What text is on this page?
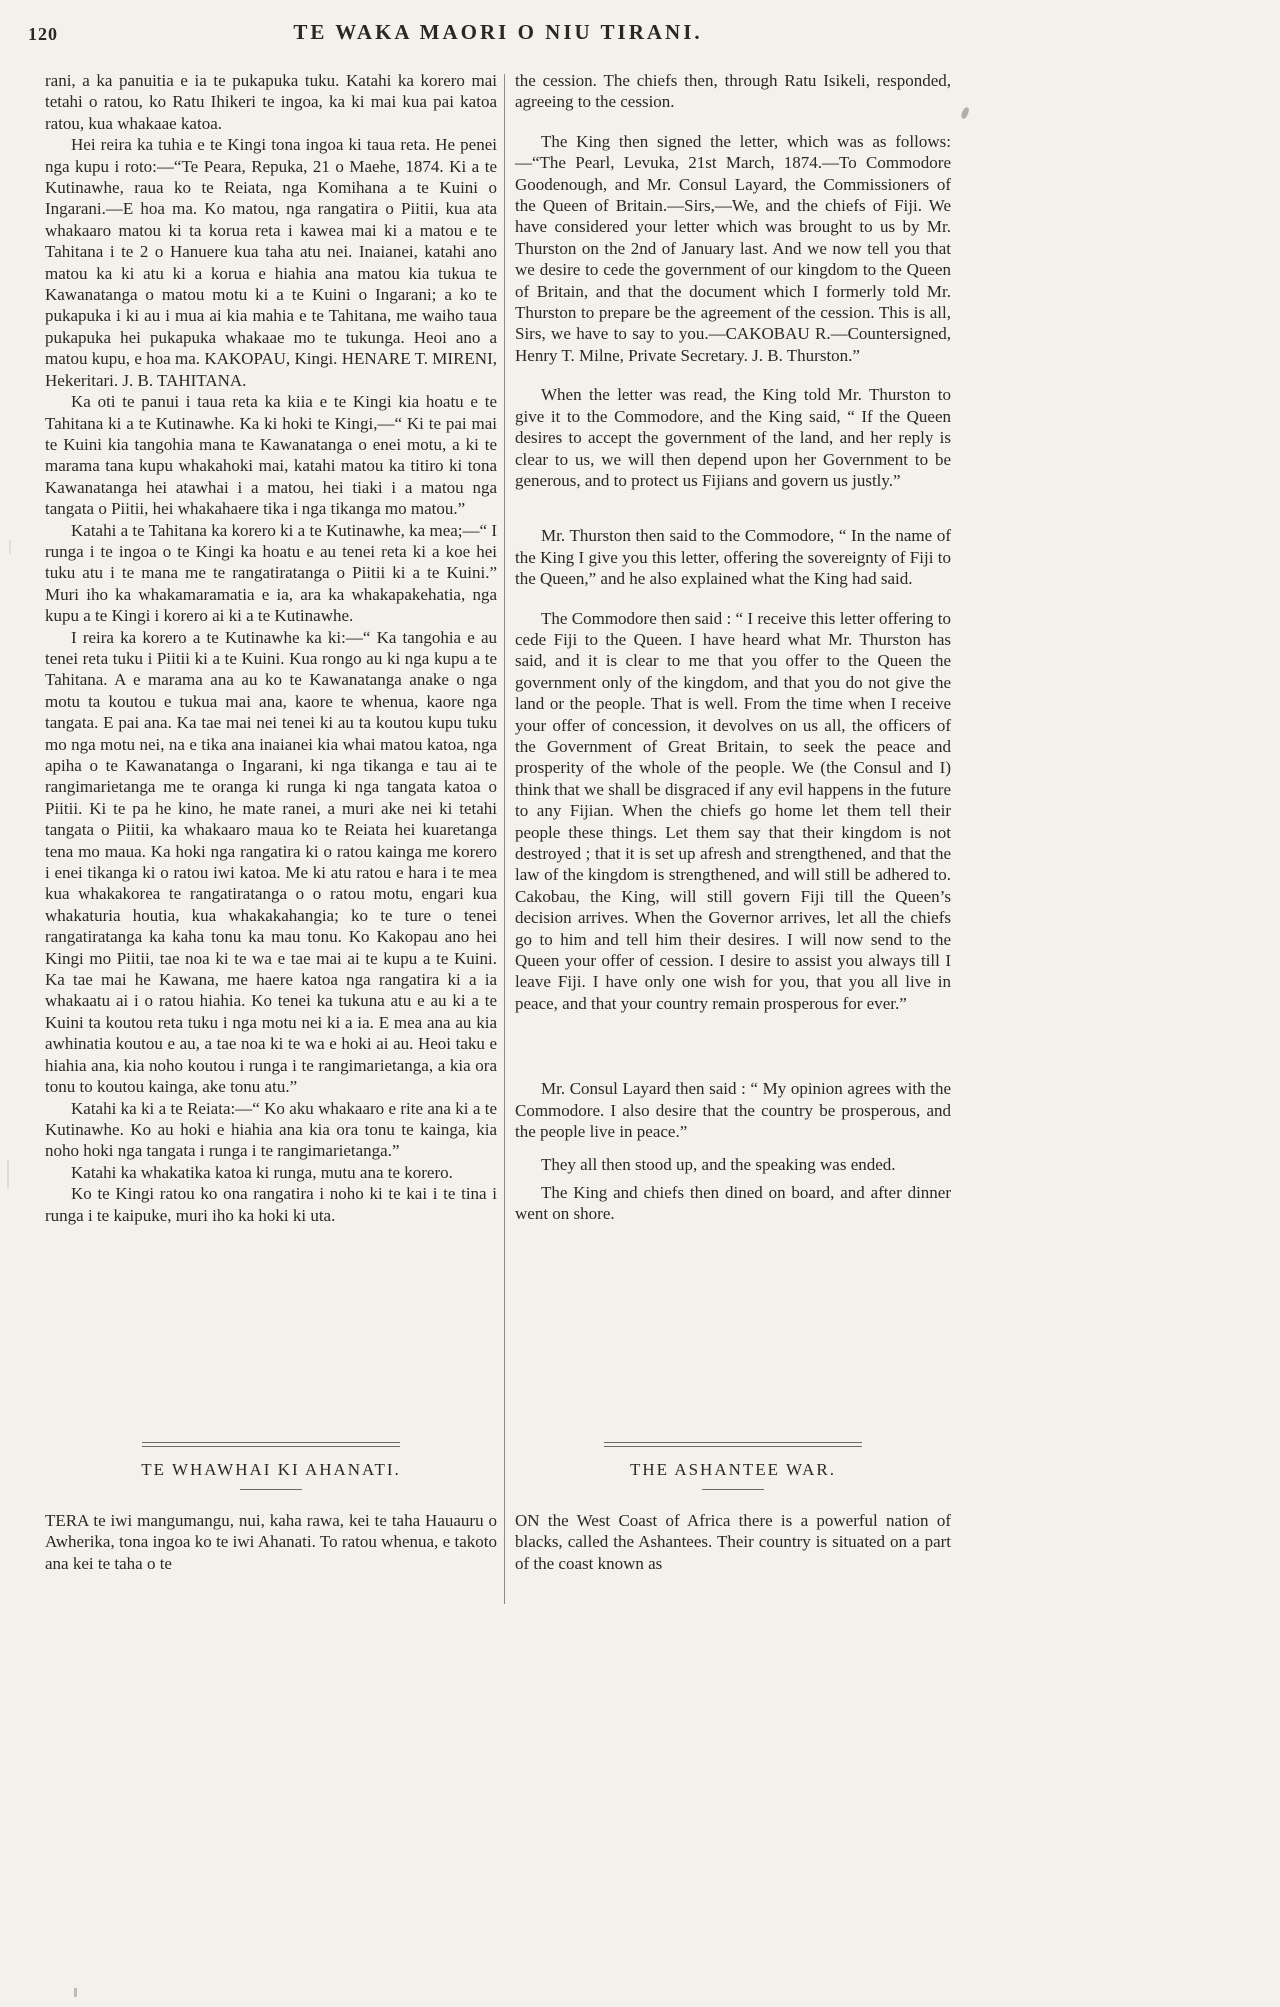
120	TE WAKA MAORI O NIU TIRANI.

rani, a ka panuitia e ia te pukapuka tuku. Katahi ka korero mai tetahi o ratou, ko Ratu Ihikeri te ingoa, ka ki mai kua pai katoa ratou, kua whakaae katoa.

Hei reira ka tuhia e te Kingi tona ingoa ki taua reta. He penei nga kupu i roto:—“Te Peara, Repuka, 21 o Maehe, 1874. Ki a te Kutinawhe, raua ko te Reiata, nga Komihana a te Kuini o Ingarani.—E hoa ma. Ko matou, nga rangatira o Piitii, kua ata whakaaro matou ki ta korua reta i kawea mai ki a matou e te Tahitana i te 2 o Hanuere kua taha atu nei. Inaianei, katahi ano matou ka ki atu ki a korua e hiahia ana matou kia tukua te Kawanatanga o matou motu ki a te Kuini o Ingarani; a ko te pukapuka i ki au i mua ai kia mahia e te Tahitana, me waiho taua pukapuka hei pukapuka whakaae mo te tukunga. Heoi ano a matou kupu, e hoa ma. KAKOPAU, Kingi. HENARE T. MIRENI, Hekeritari. J. B. TAHITANA.

Ka oti te panui i taua reta ka kiia e te Kingi kia hoatu e te Tahitana ki a te Kutinawhe. Ka ki hoki te Kingi,—“ Ki te pai mai te Kuini kia tangohia mana te Kawanatanga o enei motu, a ki te marama tana kupu whakahoki mai, katahi matou ka titiro ki tona Kawanatanga hei atawhai i a matou, hei tiaki i a matou nga tangata o Piitii, hei whakahaere tika i nga tikanga mo matou.”

Katahi a te Tahitana ka korero ki a te Kutinawhe, ka mea;—“ I runga i te ingoa o te Kingi ka hoatu e au tenei reta ki a koe hei tuku atu i te mana me te rangatiratanga o Piitii ki a te Kuini.” Muri iho ka whakamaramatia e ia, ara ka whakapakehatia, nga kupu a te Kingi i korero ai ki a te Kutinawhe.

I reira ka korero a te Kutinawhe ka ki:—“ Ka tangohia e au tenei reta tuku i Piitii ki a te Kuini. Kua rongo au ki nga kupu a te Tahitana. A e marama ana au ko te Kawanatanga anake o nga motu ta koutou e tukua mai ana, kaore te whenua, kaore nga tangata. E pai ana. Ka tae mai nei tenei ki au ta koutou kupu tuku mo nga motu nei, na e tika ana inaianei kia whai matou katoa, nga apiha o te Kawanatanga o Ingarani, ki nga tikanga e tau ai te rangimarietanga me te oranga ki runga ki nga tangata katoa o Piitii. Ki te pa he kino, he mate ranei, a muri ake nei ki tetahi tangata o Piitii, ka whakaaro maua ko te Reiata hei kuaretanga tena mo maua. Ka hoki nga rangatira ki o ratou kainga me korero i enei tikanga ki o ratou iwi katoa. Me ki atu ratou e hara i te mea kua whakakorea te rangatiratanga o o ratou motu, engari kua whakaturia houtia, kua whakakahangia; ko te ture o tenei rangatiratanga ka kaha tonu ka mau tonu. Ko Kakopau ano hei Kingi mo Piitii, tae noa ki te wa e tae mai ai te kupu a te Kuini. Ka tae mai he Kawana, me haere katoa nga rangatira ki a ia whakaatu ai i o ratou hiahia. Ko tenei ka tukuna atu e au ki a te Kuini ta koutou reta tuku i nga motu nei ki a ia. E mea ana au kia awhinatia koutou e au, a tae noa ki te wa e hoki ai au. Heoi taku e hiahia ana, kia noho koutou i runga i te rangimarietanga, a kia ora tonu to koutou kainga, ake tonu atu.”

Katahi ka ki a te Reiata:—“ Ko aku whakaaro e rite ana ki a te Kutinawhe. Ko au hoki e hiahia ana kia ora tonu te kainga, kia noho hoki nga tangata i runga i te rangimarietanga.”

Katahi ka whakatika katoa ki runga, mutu ana te korero.

Ko te Kingi ratou ko ona rangatira i noho ki te kai i te tina i runga i te kaipuke, muri iho ka hoki ki uta.

the cession. The chiefs then, through Ratu Isikeli, responded, agreeing to the cession.

The King then signed the letter, which was as follows:—“The Pearl, Levuka, 21st March, 1874.—To Commodore Goodenough, and Mr. Consul Layard, the Commissioners of the Queen of Britain.—Sirs,—We, and the chiefs of Fiji. We have considered your letter which was brought to us by Mr. Thurston on the 2nd of January last. And we now tell you that we desire to cede the government of our kingdom to the Queen of Britain, and that the document which I formerly told Mr. Thurston to prepare be the agreement of the cession. This is all, Sirs, we have to say to you.—CAKOBAU R.—Countersigned, Henry T. Milne, Private Secretary. J. B. Thurston.”

When the letter was read, the King told Mr. Thurston to give it to the Commodore, and the King said, “ If the Queen desires to accept the government of the land, and her reply is clear to us, we will then depend upon her Government to be generous, and to protect us Fijians and govern us justly.”

Mr. Thurston then said to the Commodore, “ In the name of the King I give you this letter, offering the sovereignty of Fiji to the Queen,” and he also explained what the King had said.

The Commodore then said : “ I receive this letter offering to cede Fiji to the Queen. I have heard what Mr. Thurston has said, and it is clear to me that you offer to the Queen the government only of the kingdom, and that you do not give the land or the people. That is well. From the time when I receive your offer of concession, it devolves on us all, the officers of the Government of Great Britain, to seek the peace and prosperity of the whole of the people. We (the Consul and I) think that we shall be disgraced if any evil happens in the future to any Fijian. When the chiefs go home let them tell their people these things. Let them say that their kingdom is not destroyed ; that it is set up afresh and strengthened, and that the law of the kingdom is strengthened, and will still be adhered to. Cakobau, the King, will still govern Fiji till the Queen’s decision arrives. When the Governor arrives, let all the chiefs go to him and tell him their desires. I will now send to the Queen your offer of cession. I desire to assist you always till I leave Fiji. I have only one wish for you, that you all live in peace, and that your country remain prosperous for ever.”

Mr. Consul Layard then said : “ My opinion agrees with the Commodore. I also desire that the country be prosperous, and the people live in peace.”

They all then stood up, and the speaking was ended.

The King and chiefs then dined on board, and after dinner went on shore.

TE WHAWHAI KI AHANATI.

TERA te iwi mangumangu, nui, kaha rawa, kei te taha Hauauru o Awherika, tona ingoa ko te iwi Ahanati. To ratou whenua, e takoto ana kei te taha o te

THE ASHANTEE WAR.

ON the West Coast of Africa there is a powerful nation of blacks, called the Ashantees. Their country is situated on a part of the coast known as
